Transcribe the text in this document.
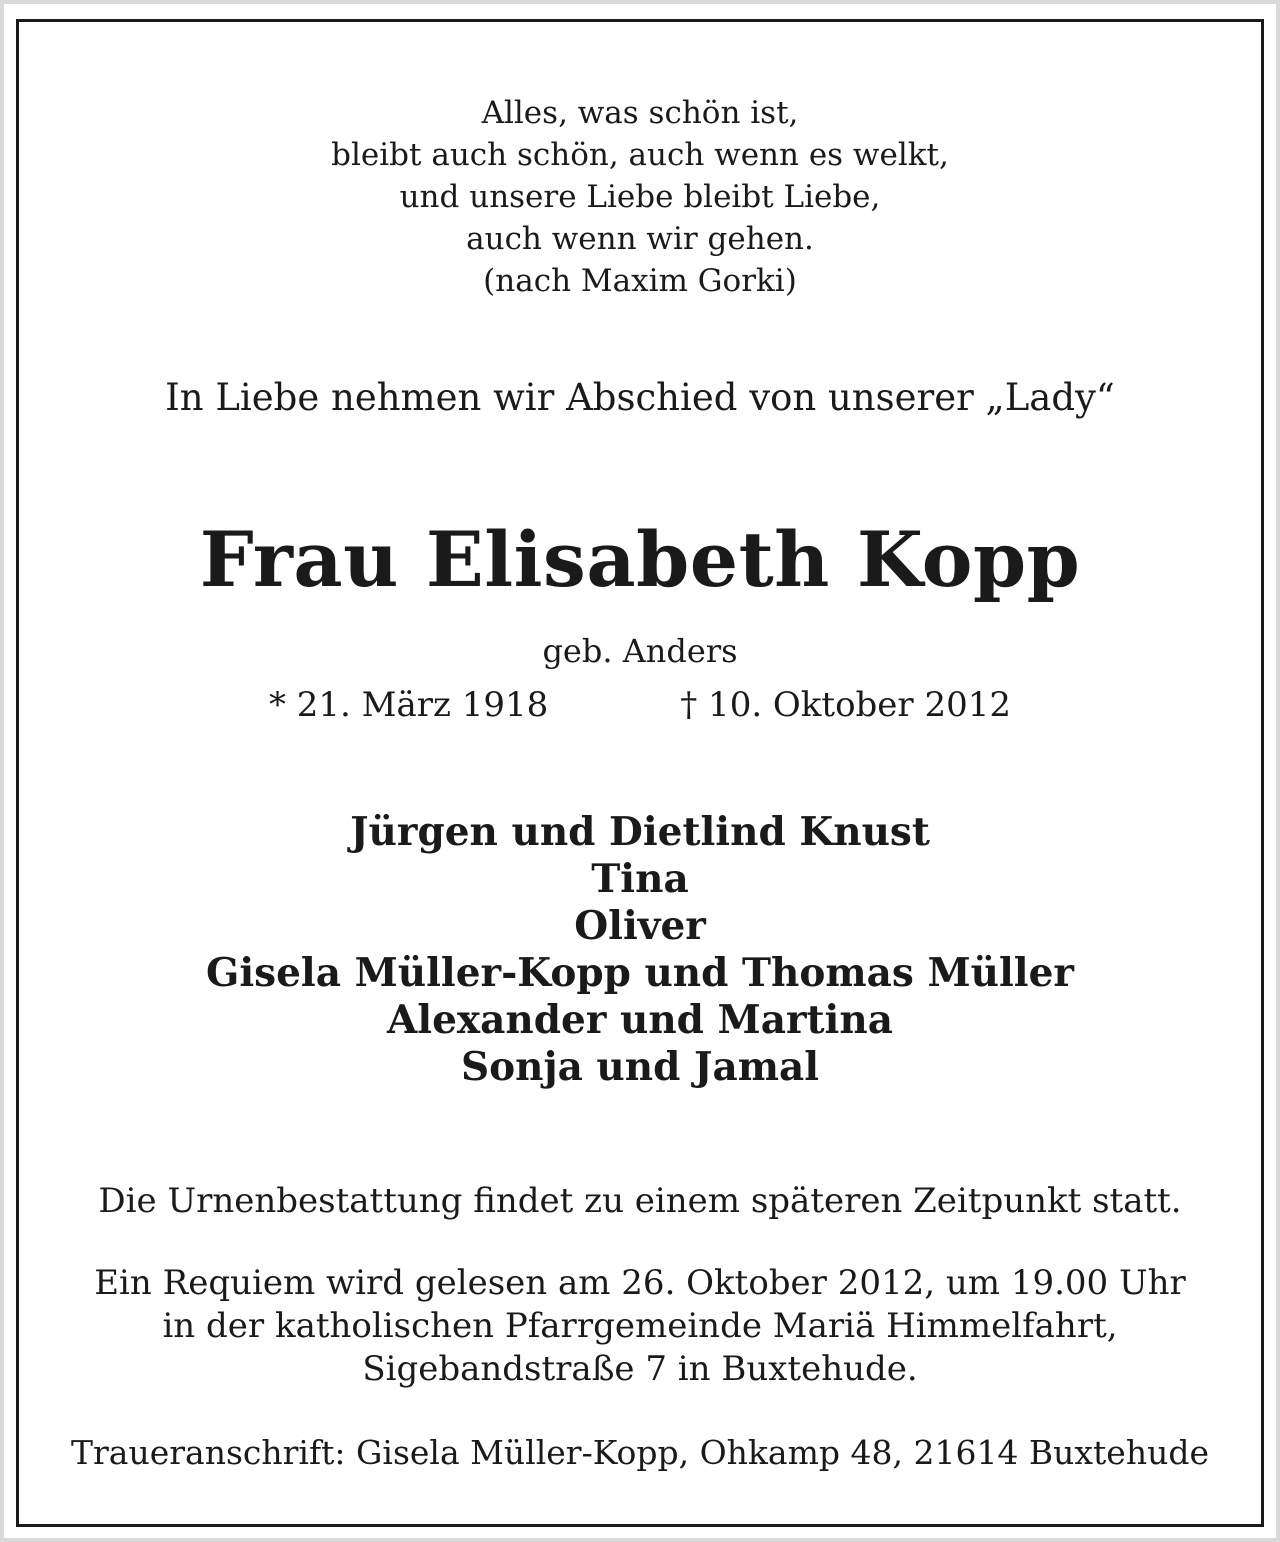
Alles, was schön ist,
bleibt auch schön, auch wenn es welkt,
und unsere Liebe bleibt Liebe,
auch wenn wir gehen.
(nach Maxim Gorki)
In Liebe nehmen wir Abschied von unserer „Lady“
Frau Elisabeth Kopp
geb. Anders
* 21. März 1918	† 10. Oktober 2012
Jürgen und Dietlind Knust
Tina
Oliver
Gisela Müller-Kopp und Thomas Müller
Alexander und Martina
Sonja und Jamal
Die Urnenbestattung findet zu einem späteren Zeitpunkt statt.
Ein Requiem wird gelesen am 26. Oktober 2012, um 19.00 Uhr
in der katholischen Pfarrgemeinde Mariä Himmelfahrt,
Sigebandstraße 7 in Buxtehude.
Traueranschrift: Gisela Müller-Kopp, Ohkamp 48, 21614 Buxtehude
